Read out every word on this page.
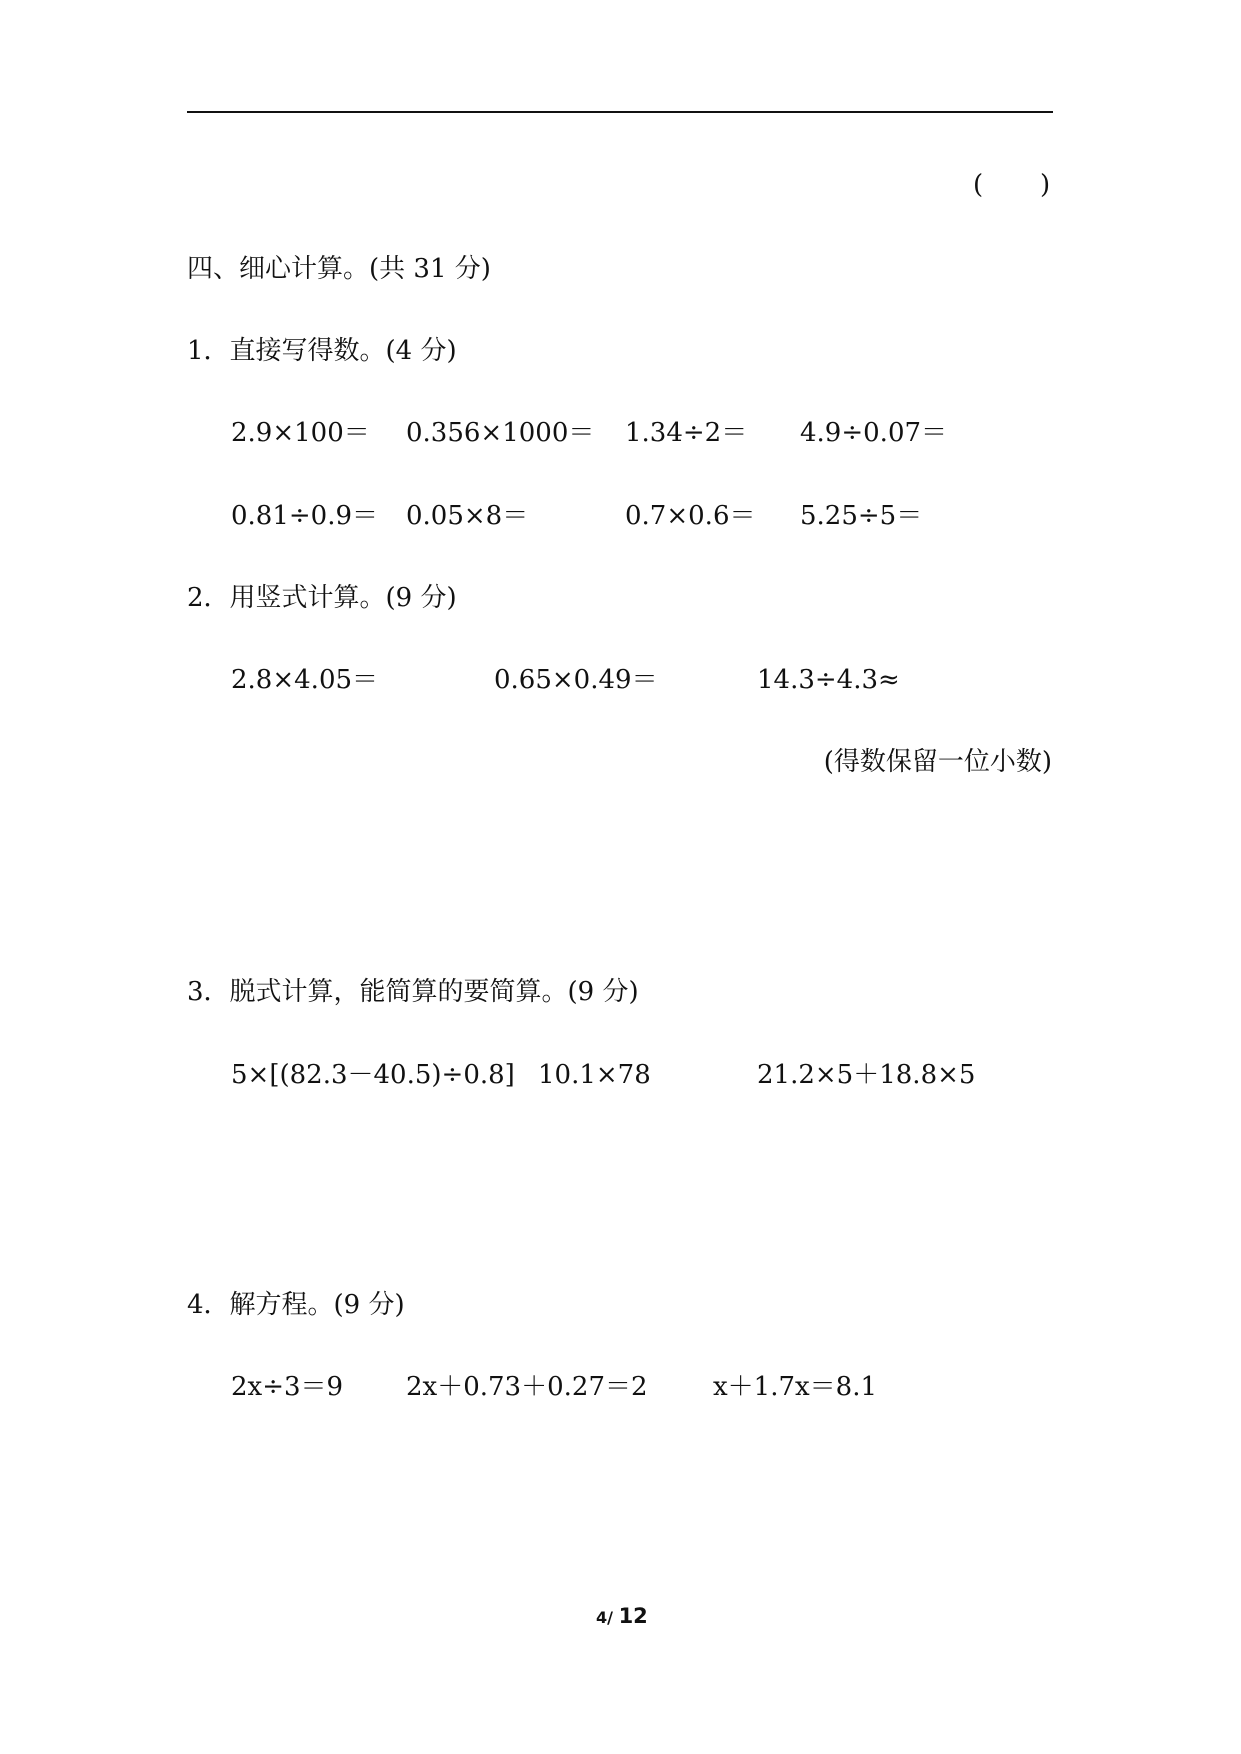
( )
四、细心计算。(共 31 分)
1．直接写得数。(4 分)
2.9×100＝ 0.356×1000＝ 1.34÷2＝ 4.9÷0.07＝
0.81÷0.9＝ 0.05×8＝	0.7×0.6＝ 5.25÷5＝
2．用竖式计算。(9 分)
2.8×4.05＝	0.65×0.49＝	14.3÷4.3≈
(得数保留一位小数)
3．脱式计算，能简算的要简算。(9 分)
5×[(82.3－40.5)÷0.8] 10.1×78	21.2×5＋18.8×5
4．解方程。(9 分)
2x÷3＝9 2x＋0.73＋0.27＝2	x＋1.7x＝8.1
4/ 12
